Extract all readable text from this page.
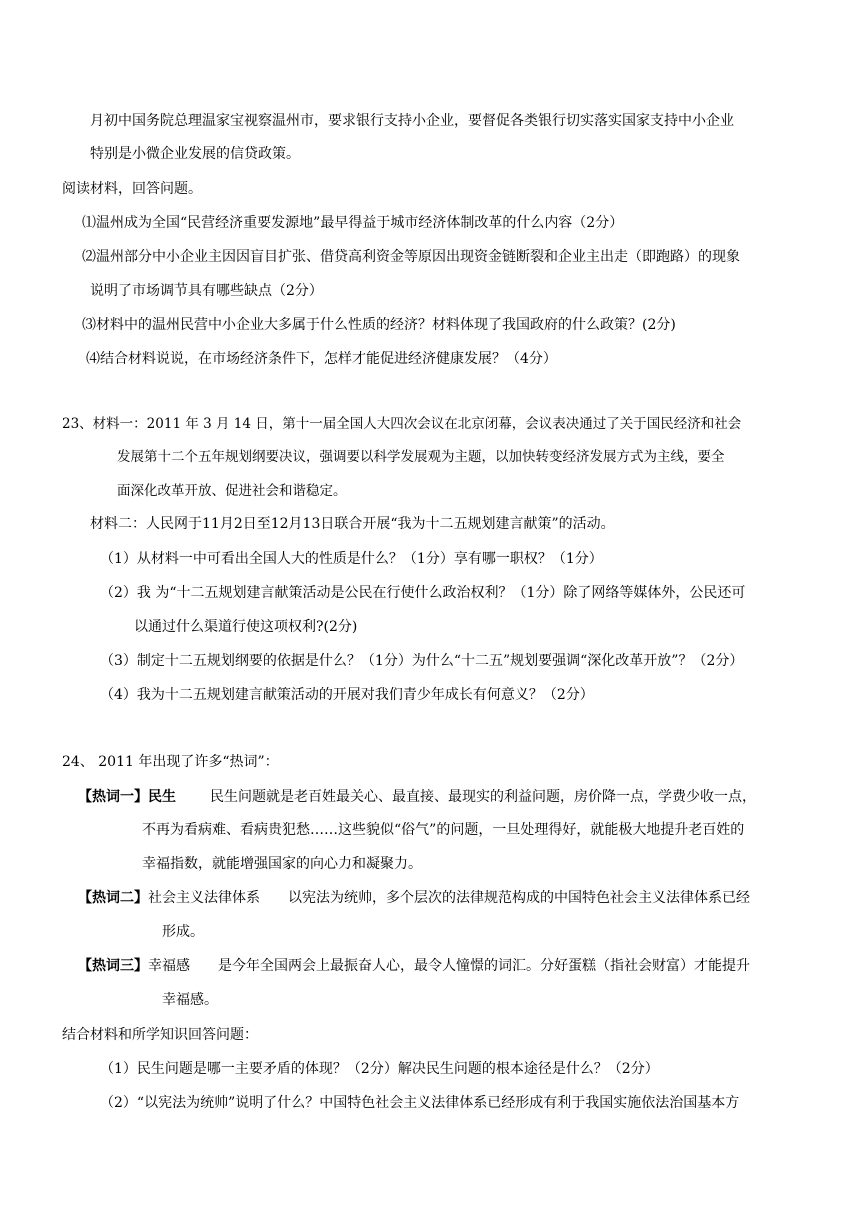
月初中国务院总理温家宝视察温州市，要求银行支持小企业，要督促各类银行切实落实国家支持中小企业
特别是小微企业发展的信贷政策。
阅读材料，回答问题。
⑴温州成为全国“民营经济重要发源地”最早得益于城市经济体制改革的什么内容（2分）
⑵温州部分中小企业主因因盲目扩张、借贷高利资金等原因出现资金链断裂和企业主出走（即跑路）的现象
说明了市场调节具有哪些缺点（2分）
⑶材料中的温州民营中小企业大多属于什么性质的经济？材料体现了我国政府的什么政策？(2分)
⑷结合材料说说，在市场经济条件下，怎样才能促进经济健康发展？（4分）
23、材料一：2011 年 3 月 14 日，第十一届全国人大四次会议在北京闭幕，会议表决通过了关于国民经济和社会
发展第十二个五年规划纲要决议，强调要以科学发展观为主题，以加快转变经济发展方式为主线，要全
面深化改革开放、促进社会和谐稳定。
材料二：人民网于11月2日至12月13日联合开展“我为十二五规划建言献策”的活动。
（1）从材料一中可看出全国人大的性质是什么？（1分）享有哪一职权？（1分）
（2）我 为“十二五规划建言献策活动是公民在行使什么政治权利？（1分）除了网络等媒体外，公民还可
以通过什么渠道行使这项权利?(2分)
（3）制定十二五规划纲要的依据是什么？（1分）为什么“十二五”规划要强调“深化改革开放”？（2分）
（4）我为十二五规划建言献策活动的开展对我们青少年成长有何意义？（2分）
24、 2011 年出现了许多“热词”：
【热词一】民生 民生问题就是老百姓最关心、最直接、最现实的利益问题，房价降一点，学费少收一点，
不再为看病难、看病贵犯愁……这些貌似“俗气”的问题，一旦处理得好，就能极大地提升老百姓的
幸福指数，就能增强国家的向心力和凝聚力。
【热词二】社会主义法律体系 以宪法为统帅，多个层次的法律规范构成的中国特色社会主义法律体系已经
形成。
【热词三】幸福感 是今年全国两会上最振奋人心，最令人憧憬的词汇。分好蛋糕（指社会财富）才能提升
幸福感。
结合材料和所学知识回答问题：
（1）民生问题是哪一主要矛盾的体现？（2分）解决民生问题的根本途径是什么？（2分）
（2）“以宪法为统帅”说明了什么？中国特色社会主义法律体系已经形成有利于我国实施依法治国基本方
